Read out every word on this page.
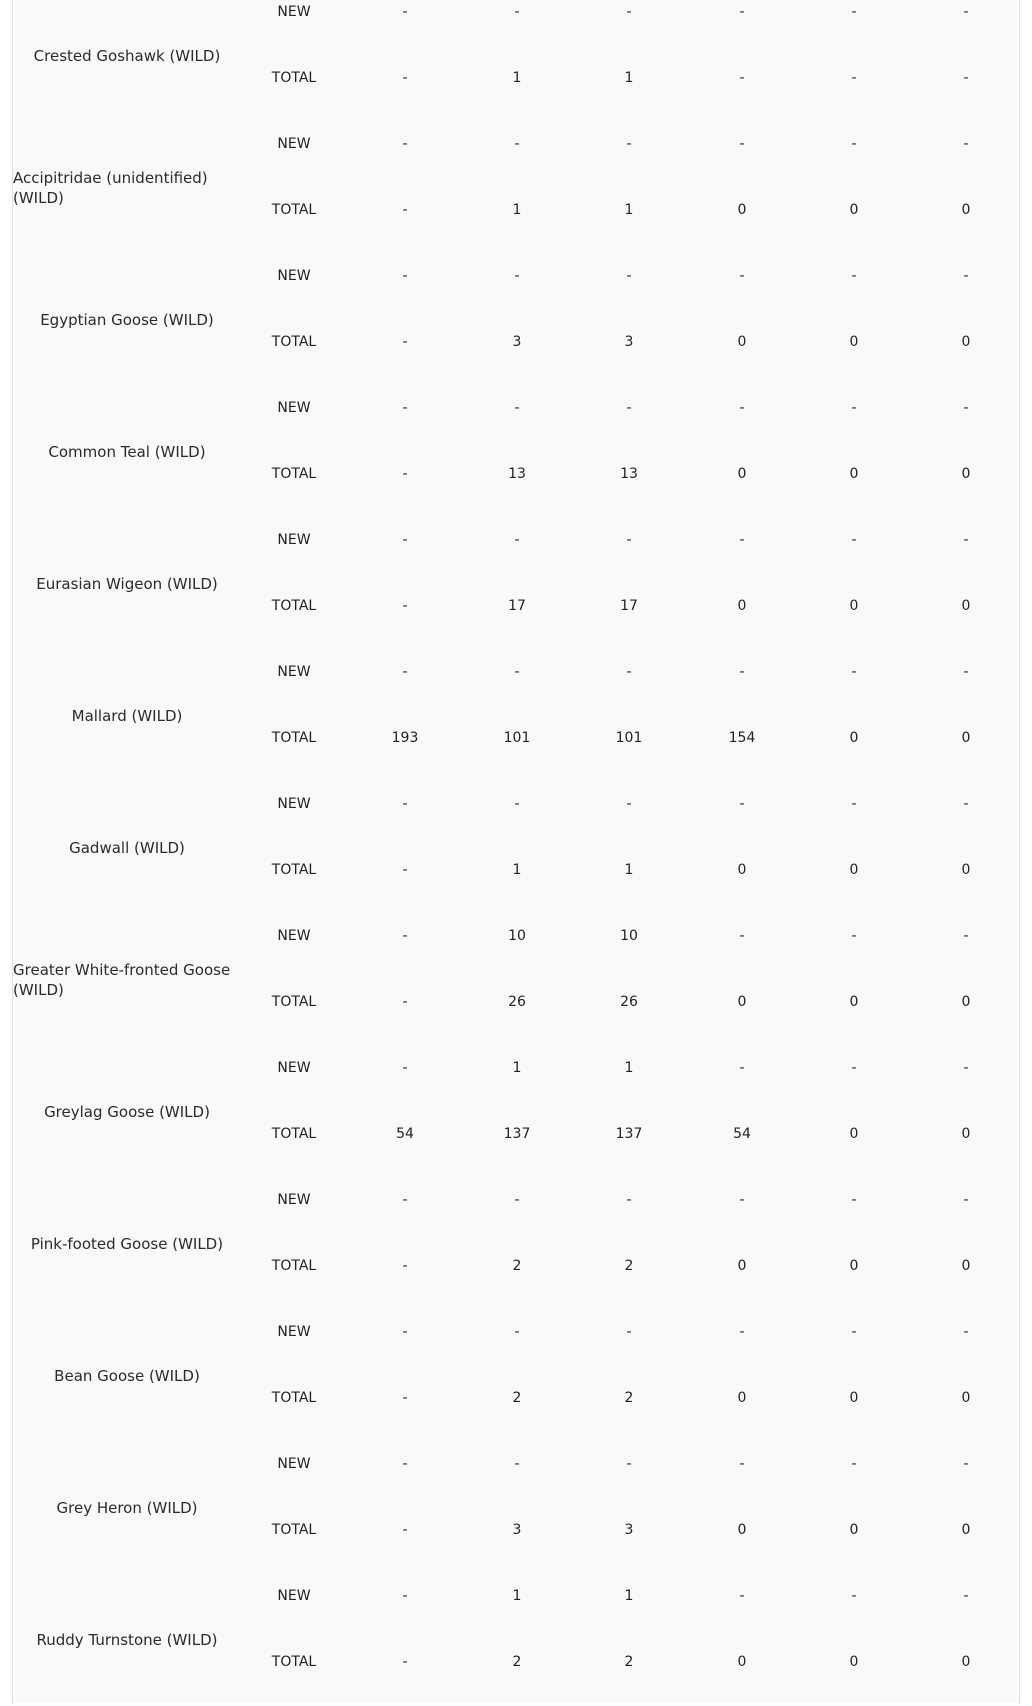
Crested Goshawk (WILD)
NEW	-	-	-	-	-	-
TOTAL	-	1	1	-	-	-
Accipitridae (unidentified) (WILD)
NEW	-	-	-	-	-	-
TOTAL	-	1	1	0	0	0
Egyptian Goose (WILD)
NEW	-	-	-	-	-	-
TOTAL	-	3	3	0	0	0
Common Teal (WILD)
NEW	-	-	-	-	-	-
TOTAL	-	13	13	0	0	0
Eurasian Wigeon (WILD)
NEW	-	-	-	-	-	-
TOTAL	-	17	17	0	0	0
Mallard (WILD)
NEW	-	-	-	-	-	-
TOTAL	193	101	101	154	0	0
Gadwall (WILD)
NEW	-	-	-	-	-	-
TOTAL	-	1	1	0	0	0
Greater White-fronted Goose (WILD)
NEW	-	10	10	-	-	-
TOTAL	-	26	26	0	0	0
Greylag Goose (WILD)
NEW	-	1	1	-	-	-
TOTAL	54	137	137	54	0	0
Pink-footed Goose (WILD)
NEW	-	-	-	-	-	-
TOTAL	-	2	2	0	0	0
Bean Goose (WILD)
NEW	-	-	-	-	-	-
TOTAL	-	2	2	0	0	0
Grey Heron (WILD)
NEW	-	-	-	-	-	-
TOTAL	-	3	3	0	0	0
Ruddy Turnstone (WILD)
NEW	-	1	1	-	-	-
TOTAL	-	2	2	0	0	0
